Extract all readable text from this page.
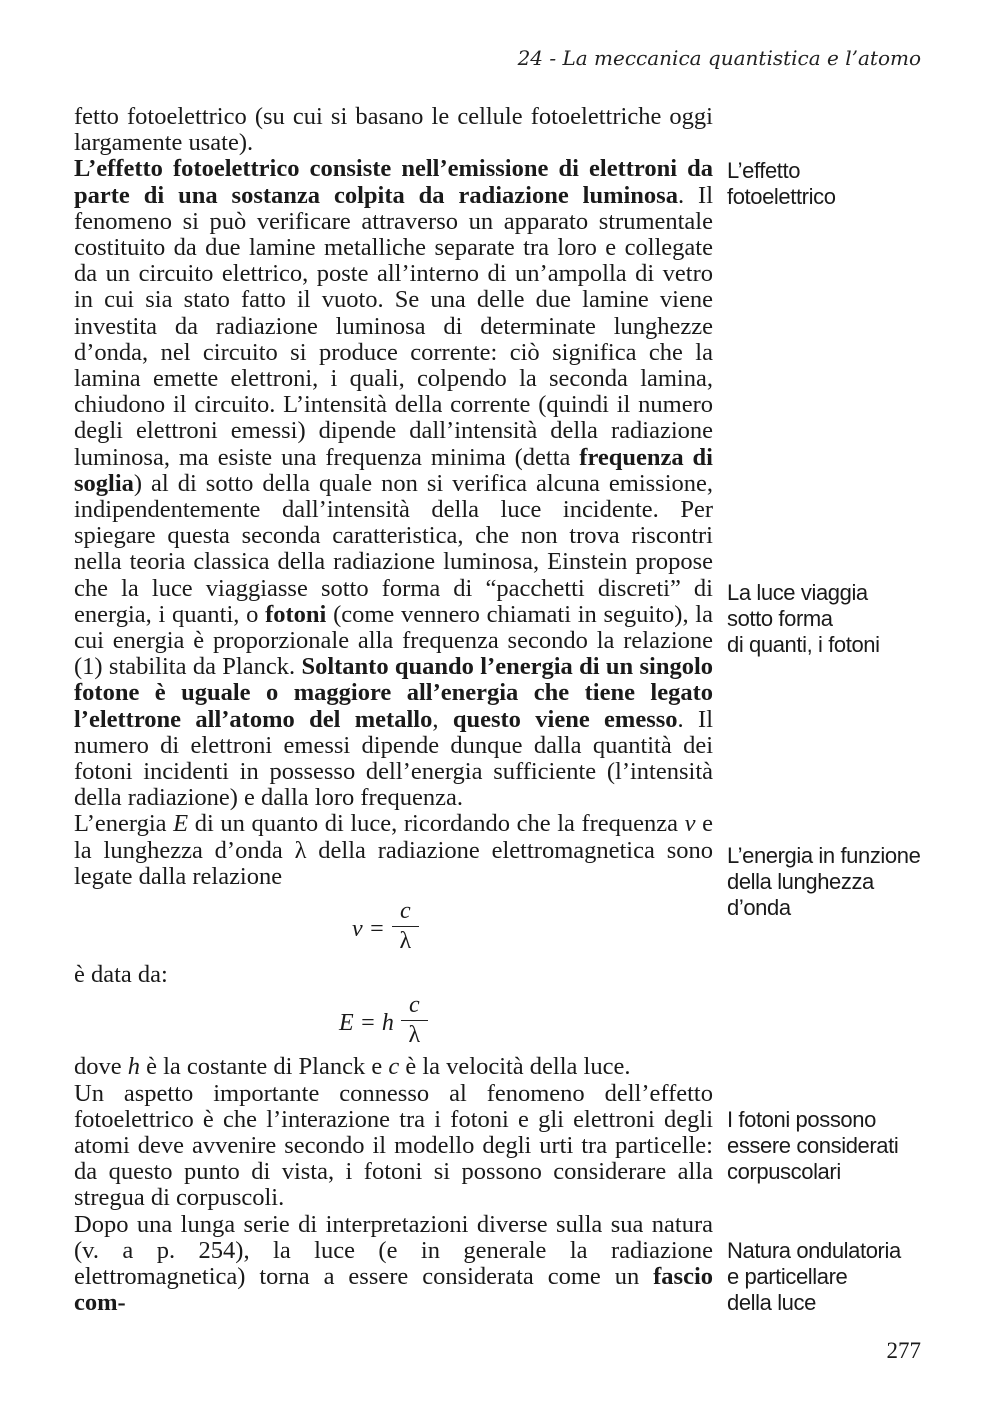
24 - La meccanica quantistica e l’atomo

fetto fotoelettrico (su cui si basano le cellule fotoelettriche oggi largamente usate).

L’effetto fotoelettrico consiste nell’emissione di elettroni da parte di una sostanza colpita da radiazione luminosa. Il fenomeno si può verificare attraverso un apparato strumentale costituito da due lamine metalliche separate tra loro e collegate da un circuito elettrico, poste all’interno di un’ampolla di vetro in cui sia stato fatto il vuoto. Se una delle due lamine viene investita da radiazione luminosa di determinate lunghezze d’onda, nel circuito si produce corrente: ciò significa che la lamina emette elettroni, i quali, colpendo la seconda lamina, chiudono il circuito. L’intensità della corrente (quindi il numero degli elettroni emessi) dipende dall’intensità della radiazione luminosa, ma esiste una frequenza minima (detta frequenza di soglia) al di sotto della quale non si verifica alcuna emissione, indipendentemente dall’intensità della luce incidente. Per spiegare questa seconda caratteristica, che non trova riscontri nella teoria classica della radiazione luminosa, Einstein propose che la luce viaggiasse sotto forma di “pacchetti discreti” di energia, i quanti, o fotoni (come vennero chiamati in seguito), la cui energia è proporzionale alla frequenza secondo la relazione (1) stabilita da Planck. Soltanto quando l’energia di un singolo fotone è uguale o maggiore all’energia che tiene legato l’elettrone all’atomo del metallo, questo viene emesso. Il numero di elettroni emessi dipende dunque dalla quantità dei fotoni incidenti in possesso dell’energia sufficiente (l’intensità della radiazione) e dalla loro frequenza.

L’energia E di un quanto di luce, ricordando che la frequenza ν e la lunghezza d’onda λ della radiazione elettromagnetica sono legate dalla relazione

$\nu = \frac{c}{\lambda}$

è data da:

E = h $\frac{c}{\lambda}$

dove h è la costante di Planck e c è la velocità della luce.

Un aspetto importante connesso al fenomeno dell’effetto fotoelettrico è che l’interazione tra i fotoni e gli elettroni degli atomi deve avvenire secondo il modello degli urti tra particelle: da questo punto di vista, i fotoni si possono considerare alla stregua di corpuscoli.

Dopo una lunga serie di interpretazioni diverse sulla sua natura (v. a p. 254), la luce (e in generale la radiazione elettromagnetica) torna a essere considerata come un fascio com-

L’effetto
fotoelettrico
La luce viaggia
sotto forma
di quanti, i fotoni
L’energia in funzione
della lunghezza
d’onda
I fotoni possono
essere considerati
corpuscolari
Natura ondulatoria
e particellare
della luce
277
